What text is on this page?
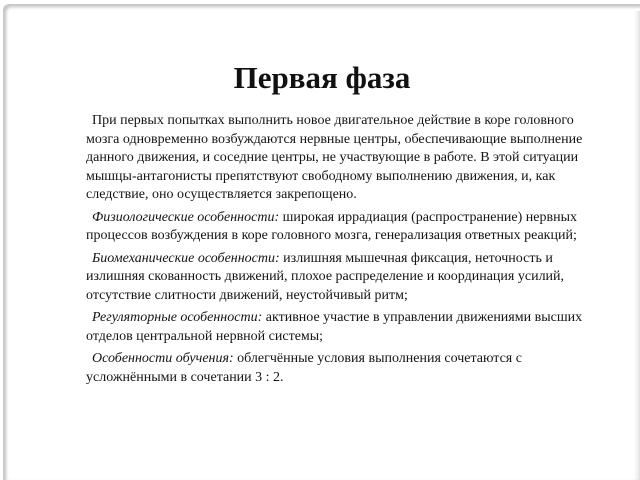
Первая фаза

При первых попытках выполнить новое двигательное действие в коре головного мозга одновременно возбуждаются нервные центры, обеспечивающие выполнение данного движения, и соседние центры, не участвующие в работе. В этой ситуации мышцы-антагонисты препятствуют свободному выполнению движения, и, как следствие, оно осуществляется закрепощено.

Физиологические особенности: широкая иррадиация (распространение) нервных процессов возбуждения в коре головного мозга, генерализация ответных реакций;

Биомеханические особенности: излишняя мышечная фиксация, неточность и излишняя скованность движений, плохое распределение и координация усилий, отсутствие слитности движений, неустойчивый ритм;

Регуляторные особенности: активное участие в управлении движениями высших отделов центральной нервной системы;

Особенности обучения: облегчённые условия выполнения сочетаются с усложнёнными в сочетании 3 : 2.
